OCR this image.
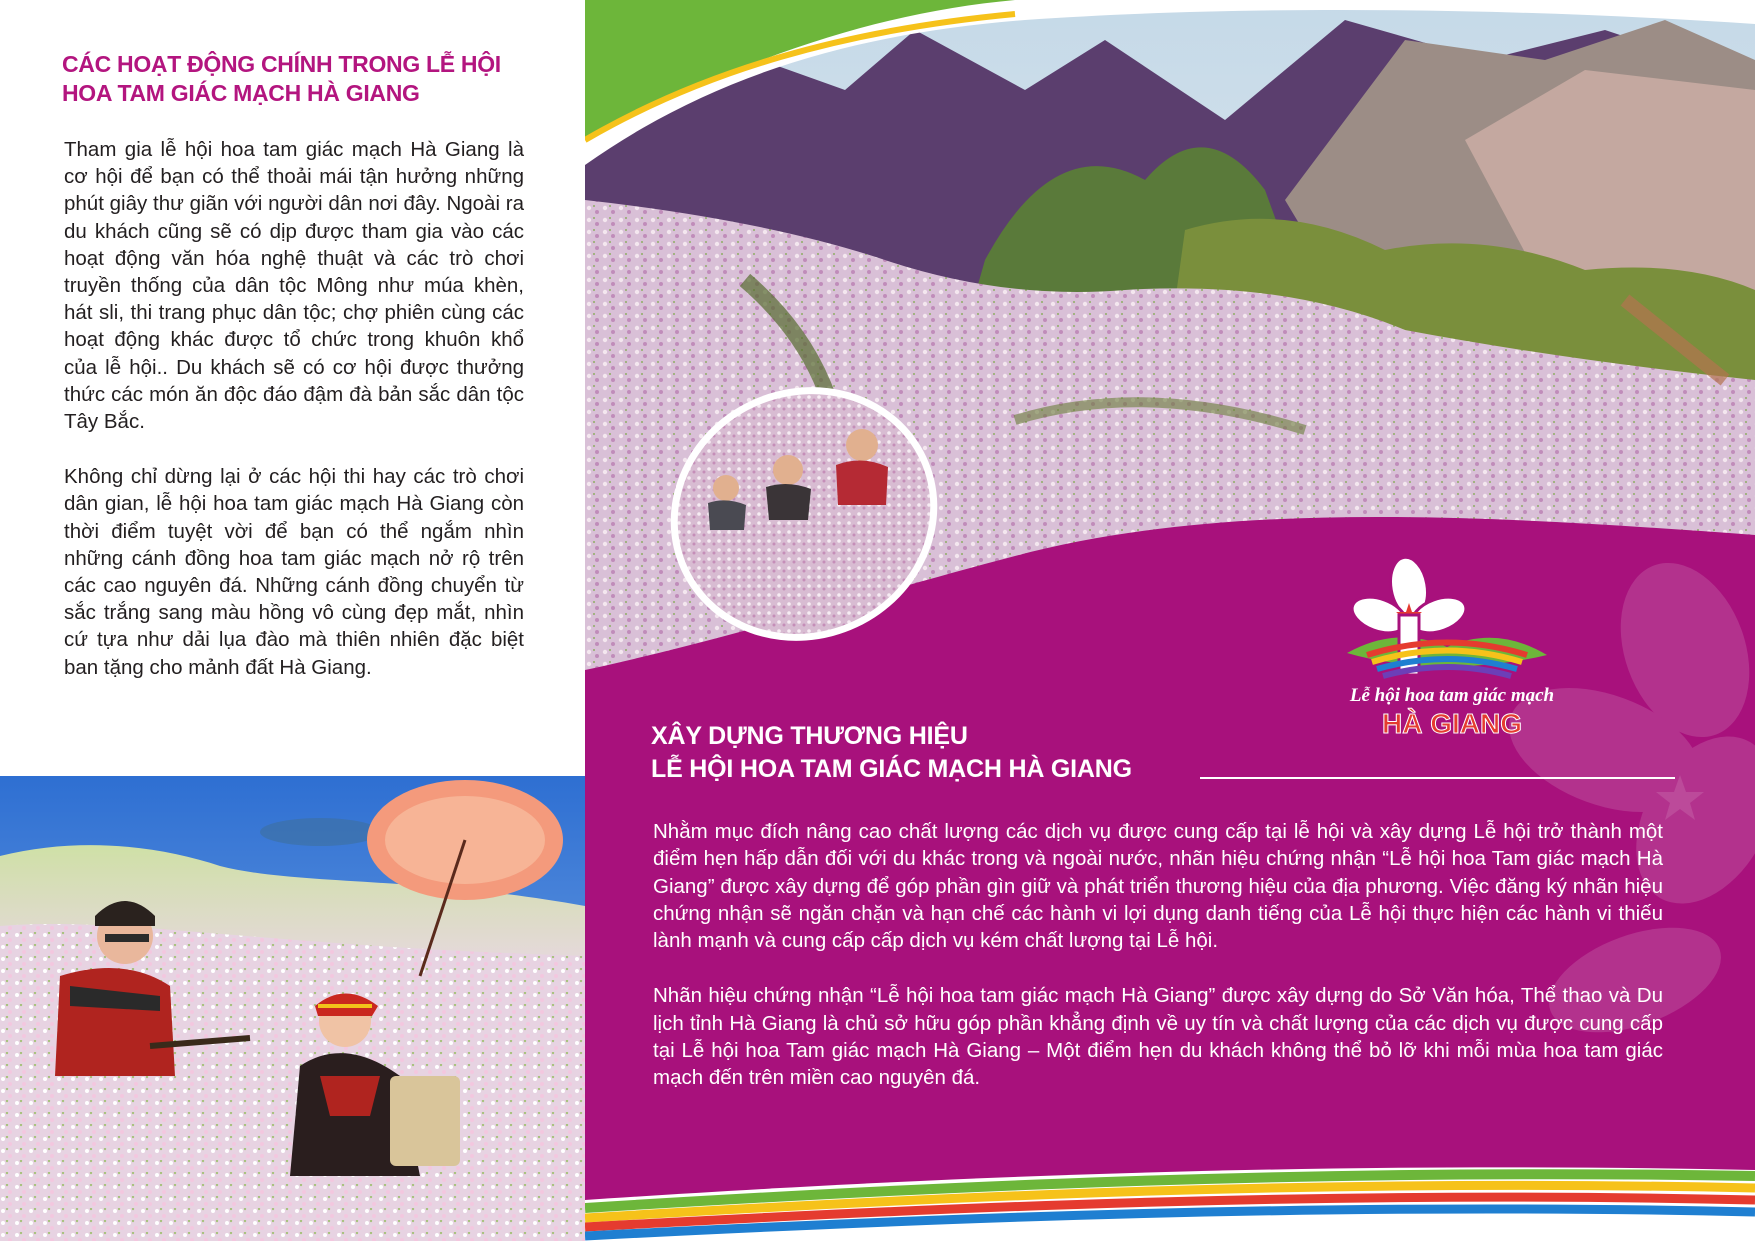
CÁC HOẠT ĐỘNG CHÍNH TRONG LỄ HỘI HOA TAM GIÁC MẠCH HÀ GIANG

Tham gia lễ hội hoa tam giác mạch Hà Giang là cơ hội để bạn có thể thoải mái tận hưởng những phút giây thư giãn với người dân nơi đây. Ngoài ra du khách cũng sẽ có dịp được tham gia vào các hoạt động văn hóa nghệ thuật và các trò chơi truyền thống của dân tộc Mông như múa khèn, hát sli, thi trang phục dân tộc; chợ phiên cùng các hoạt động khác được tổ chức trong khuôn khổ của lễ hội.. Du khách sẽ có cơ hội được thưởng thức các món ăn độc đáo đậm đà bản sắc dân tộc Tây Bắc.

Không chỉ dừng lại ở các hội thi hay các trò chơi dân gian, lễ hội hoa tam giác mạch Hà Giang còn thời điểm tuyệt vời để bạn có thể ngắm nhìn những cánh đồng hoa tam giác mạch nở rộ trên các cao nguyên đá. Những cánh đồng chuyển từ sắc trắng sang màu hồng vô cùng đẹp mắt, nhìn cứ tựa như dải lụa đào mà thiên nhiên đặc biệt ban tặng cho mảnh đất Hà Giang.

Lễ hội hoa tam giác mạch
HÀ GIANG
XÂY DỰNG THƯƠNG HIỆU
LỄ HỘI HOA TAM GIÁC MẠCH HÀ GIANG

Nhằm mục đích nâng cao chất lượng các dịch vụ được cung cấp tại lễ hội và xây dựng Lễ hội trở thành một điểm hẹn hấp dẫn đối với du khác trong và ngoài nước, nhãn hiệu chứng nhận “Lễ hội hoa Tam giác mạch Hà Giang” được xây dựng để góp phần gìn giữ và phát triển thương hiệu của địa phương. Việc đăng ký nhãn hiệu chứng nhận sẽ ngăn chặn và hạn chế các hành vi lợi dụng danh tiếng của Lễ hội thực hiện các hành vi thiếu lành mạnh và cung cấp cấp dịch vụ kém chất lượng tại Lễ hội.

Nhãn hiệu chứng nhận “Lễ hội hoa tam giác mạch Hà Giang” được xây dựng do Sở Văn hóa, Thể thao và Du lịch tỉnh Hà Giang là chủ sở hữu góp phần khẳng định về uy tín và chất lượng của các dịch vụ được cung cấp tại Lễ hội hoa Tam giác mạch Hà Giang – Một điểm hẹn du khách không thể bỏ lỡ khi mỗi mùa hoa tam giác mạch đến trên miền cao nguyên đá.
